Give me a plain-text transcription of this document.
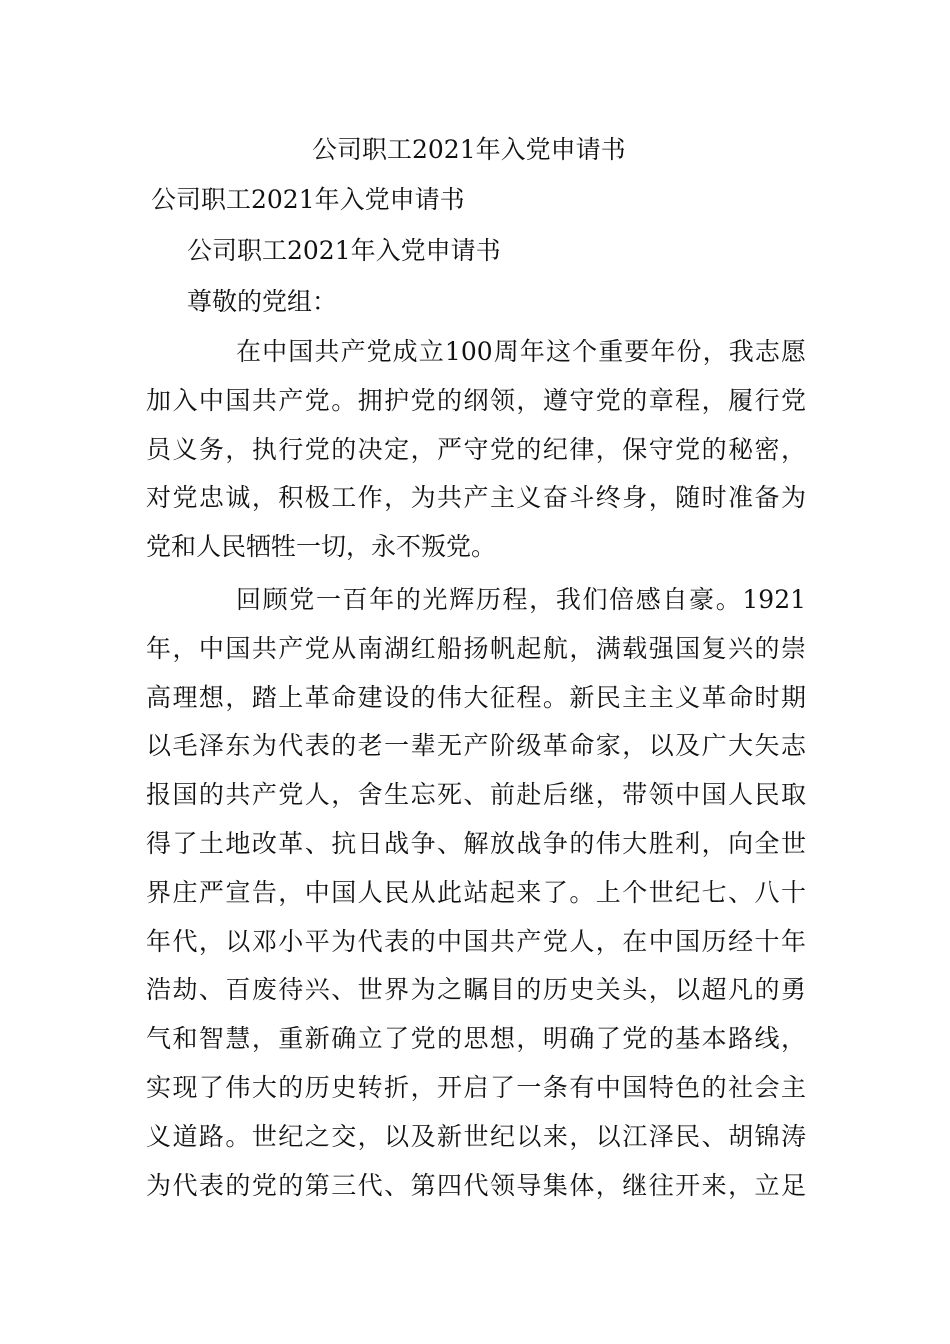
公司职工2021年入党申请书
公司职工2021年入党申请书
公司职工2021年入党申请书
尊敬的党组：
在中国共产党成立100周年这个重要年份，我志愿
加入中国共产党。拥护党的纲领，遵守党的章程，履行党
员义务，执行党的决定，严守党的纪律，保守党的秘密，
对党忠诚，积极工作，为共产主义奋斗终身，随时准备为
党和人民牺牲一切，永不叛党。
回顾党一百年的光辉历程，我们倍感自豪。1921
年，中国共产党从南湖红船扬帆起航，满载强国复兴的崇
高理想，踏上革命建设的伟大征程。新民主主义革命时期
以毛泽东为代表的老一辈无产阶级革命家，以及广大矢志
报国的共产党人，舍生忘死、前赴后继，带领中国人民取
得了土地改革、抗日战争、解放战争的伟大胜利，向全世
界庄严宣告，中国人民从此站起来了。上个世纪七、八十
年代，以邓小平为代表的中国共产党人，在中国历经十年
浩劫、百废待兴、世界为之瞩目的历史关头，以超凡的勇
气和智慧，重新确立了党的思想，明确了党的基本路线，
实现了伟大的历史转折，开启了一条有中国特色的社会主
义道路。世纪之交，以及新世纪以来，以江泽民、胡锦涛
为代表的党的第三代、第四代领导集体，继往开来，立足
